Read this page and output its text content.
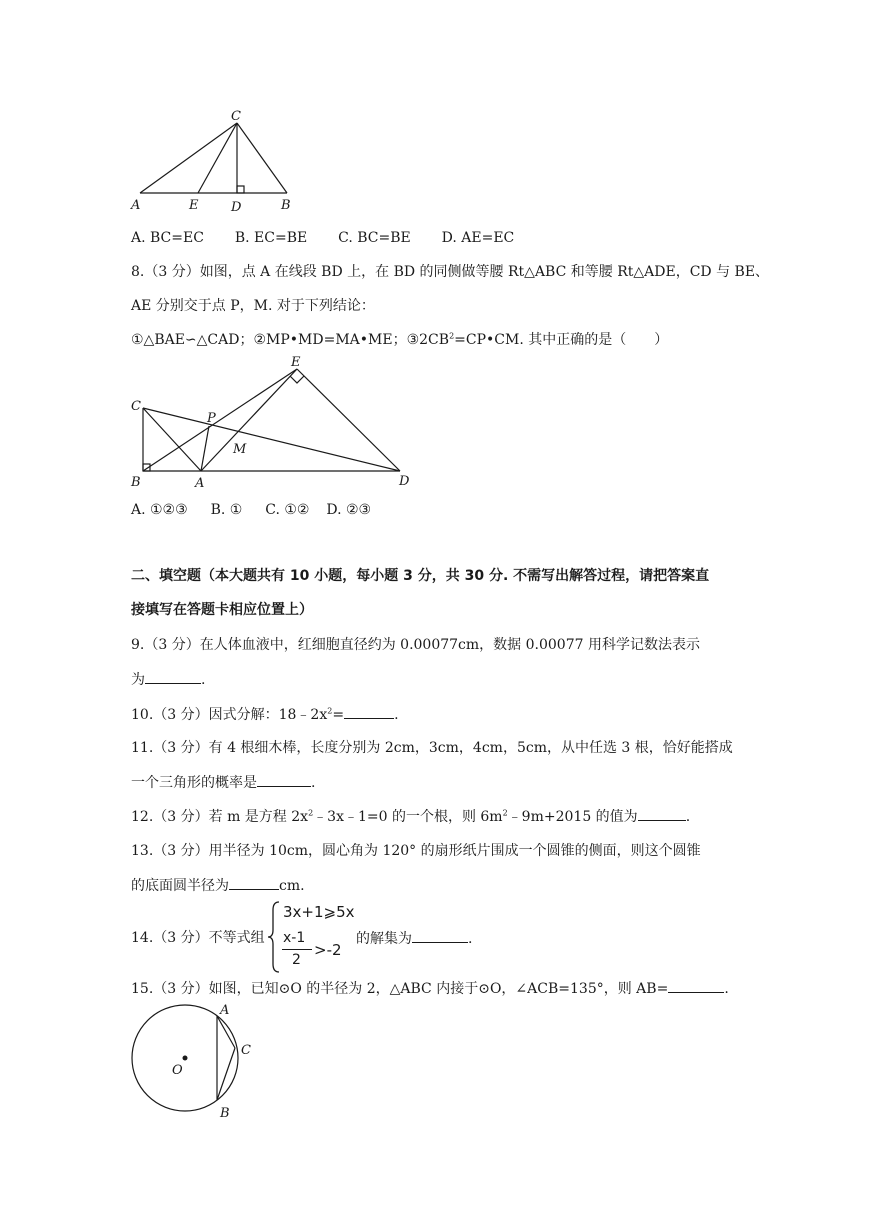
C
A	E	D	B
A. BC=EC B. EC=BE C. BC=BE D. AE=EC
8.（3 分）如图，点 A 在线段 BD 上，在 BD 的同侧做等腰 Rt△ABC 和等腰 Rt△ADE，CD 与 BE、
AE 分别交于点 P，M. 对于下列结论：
①△BAE∽△CAD；②MP•MD=MA•ME；$③2CB^2=CP•CM$. 其中正确的是（　　）
C
E
P
M
B	A	D
A. ①②③ B. ① C. ①② D. ②③
二、填空题（本大题共有 10 小题，每小题 3 分，共 30 分. 不需写出解答过程，请把答案直
接填写在答题卡相应位置上）
9.（3 分）在人体血液中，红细胞直径约为 0.00077cm，数据 0.00077 用科学记数法表示
为	.
10.（3 分）因式分解：$18﹣2x^2=$	.
11.（3 分）有 4 根细木棒，长度分别为 2cm，3cm，4cm，5cm，从中任选 3 根，恰好能搭成
一个三角形的概率是	.
12.（3 分）若 m 是方程 $2x^2﹣3x﹣1=0$ 的一个根，则 $6m^2﹣9m+2015$ 的值为	.
13.（3 分）用半径为 10cm，圆心角为 120° 的扇形纸片围成一个圆锥的侧面，则这个圆锥
的底面圆半径为	cm.
14.（3 分）不等式组
3x+1⩾5x
x-1
2
>-2
的解集为	.
15.（3 分）如图，已知⊙O 的半径为 2，△ABC 内接于⊙O，∠ACB=135°，则 AB=	.
A
C
O
B
